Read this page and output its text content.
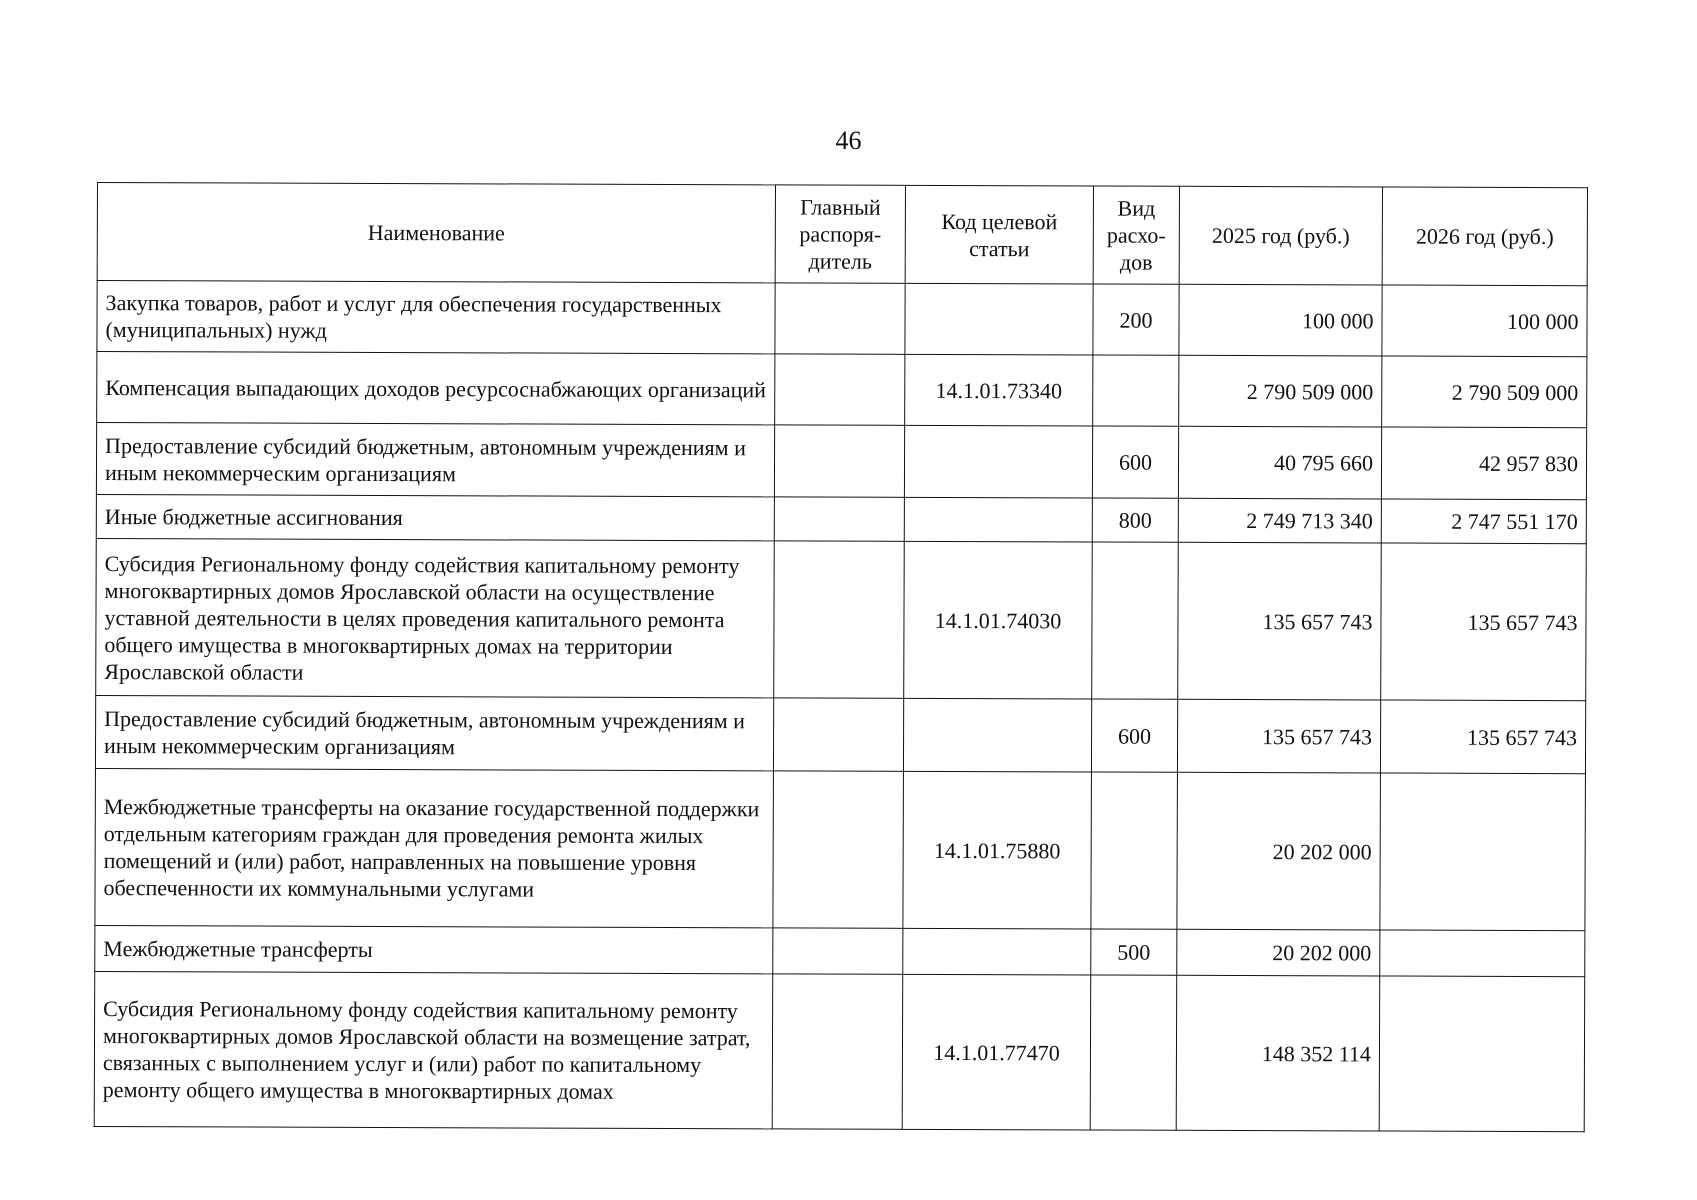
46
Наименование	Главный распоря-дитель	Код целевой статьи	Вид расхо-дов	2025 год (руб.)	2026 год (руб.)
Закупка товаров, работ и услуг для обеспечения государственных (муниципальных) нужд			200	100 000	100 000
Компенсация выпадающих доходов ресурсоснабжающих организаций		14.1.01.73340		2 790 509 000	2 790 509 000
Предоставление субсидий бюджетным, автономным учреждениям и иным некоммерческим организациям			600	40 795 660	42 957 830
Иные бюджетные ассигнования			800	2 749 713 340	2 747 551 170
Субсидия Региональному фонду содействия капитальному ремонту многоквартирных домов Ярославской области на осуществление уставной деятельности в целях проведения капитального ремонта общего имущества в многоквартирных домах на территории Ярославской области		14.1.01.74030		135 657 743	135 657 743
Предоставление субсидий бюджетным, автономным учреждениям и иным некоммерческим организациям			600	135 657 743	135 657 743
Межбюджетные трансферты на оказание государственной поддержки отдельным категориям граждан для проведения ремонта жилых помещений и (или) работ, направленных на повышение уровня обеспеченности их коммунальными услугами		14.1.01.75880		20 202 000	
Межбюджетные трансферты			500	20 202 000	
Субсидия Региональному фонду содействия капитальному ремонту многоквартирных домов Ярославской области на возмещение затрат, связанных с выполнением услуг и (или) работ по капитальному ремонту общего имущества в многоквартирных домах		14.1.01.77470		148 352 114	
